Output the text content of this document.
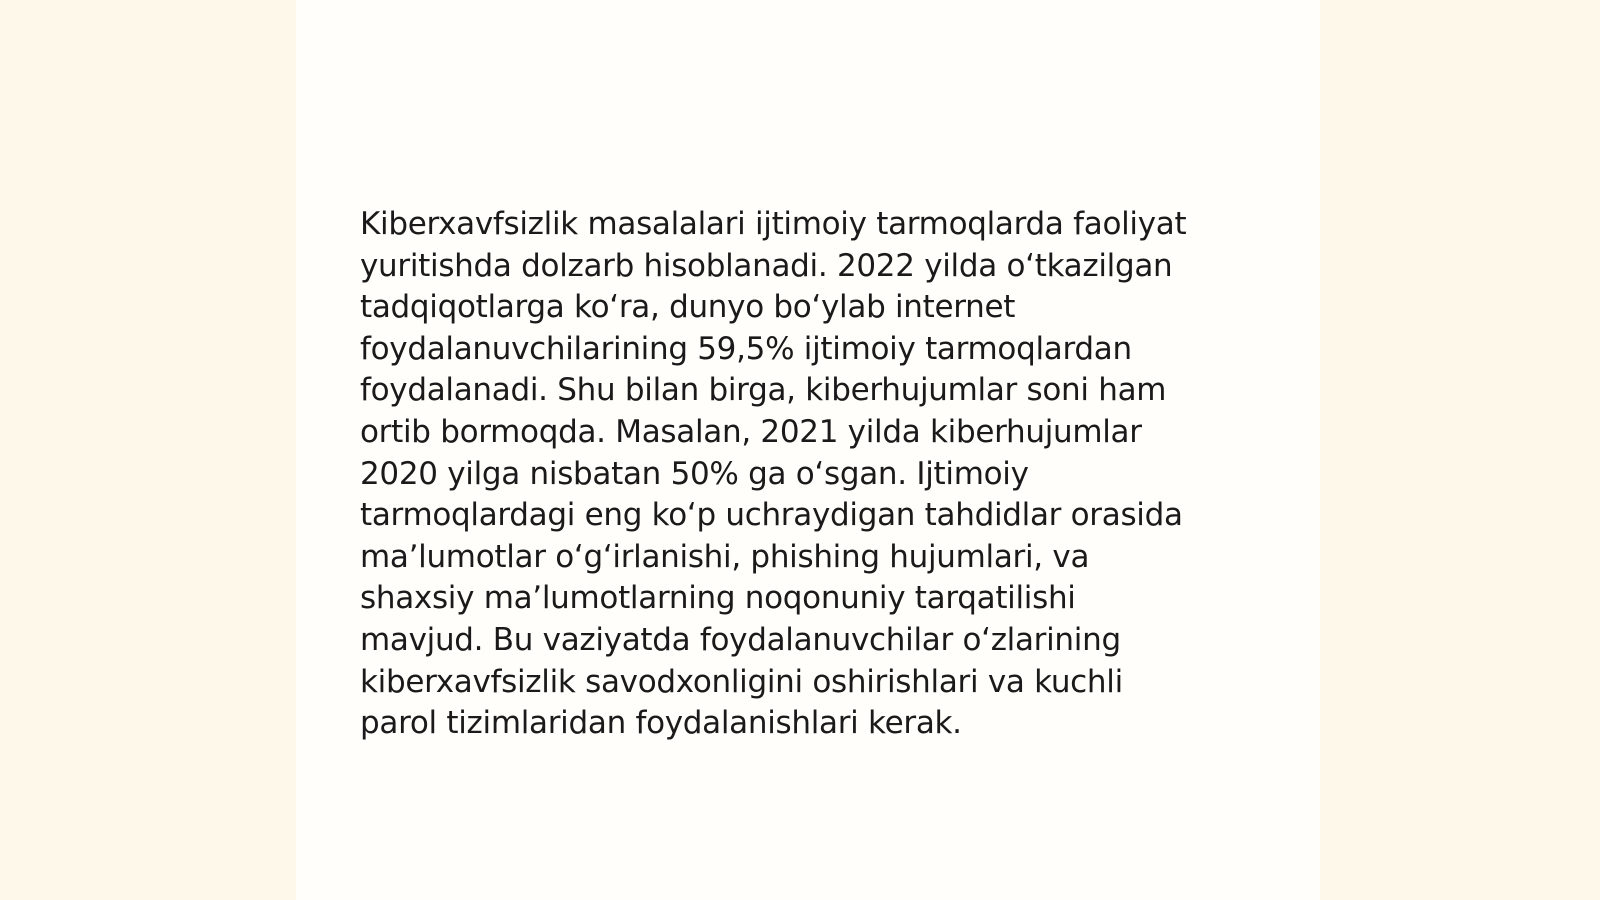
Kiberxavfsizlik masalalari ijtimoiy tarmoqlarda faoliyat
yuritishda dolzarb hisoblanadi. 2022 yilda o‘tkazilgan
tadqiqotlarga ko‘ra, dunyo bo‘ylab internet
foydalanuvchilarining 59,5% ijtimoiy tarmoqlardan
foydalanadi. Shu bilan birga, kiberhujumlar soni ham
ortib bormoqda. Masalan, 2021 yilda kiberhujumlar
2020 yilga nisbatan 50% ga o‘sgan. Ijtimoiy
tarmoqlardagi eng ko‘p uchraydigan tahdidlar orasida
ma’lumotlar o‘g‘irlanishi, phishing hujumlari, va
shaxsiy ma’lumotlarning noqonuniy tarqatilishi
mavjud. Bu vaziyatda foydalanuvchilar o‘zlarining
kiberxavfsizlik savodxonligini oshirishlari va kuchli
parol tizimlaridan foydalanishlari kerak.
